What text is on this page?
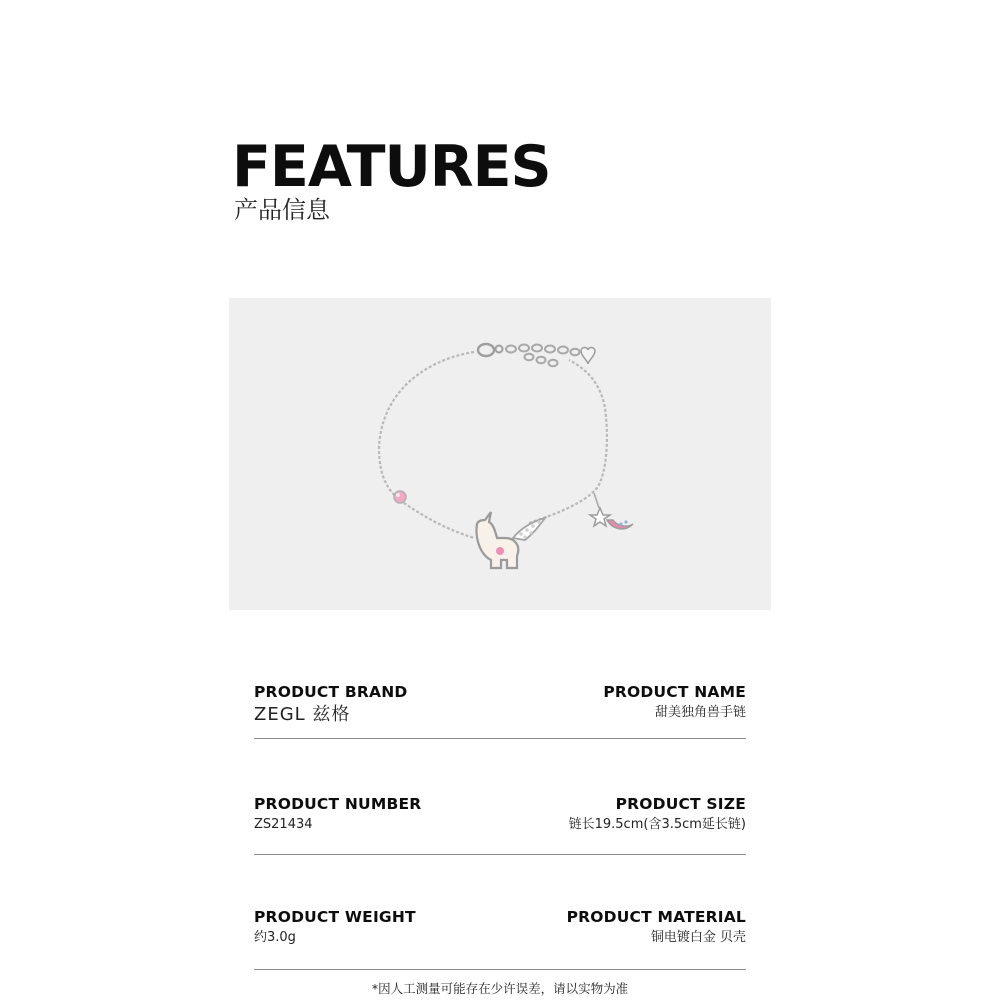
FEATURES
产品信息
PRODUCT BRAND
ZEGL 兹格
PRODUCT NAME
甜美独角兽手链
PRODUCT NUMBER
ZS21434
PRODUCT SIZE
链长19.5cm(含3.5cm延长链)
PRODUCT WEIGHT
约3.0g
PRODUCT MATERIAL
铜电镀白金 贝壳
*因人工测量可能存在少许误差，请以实物为准
